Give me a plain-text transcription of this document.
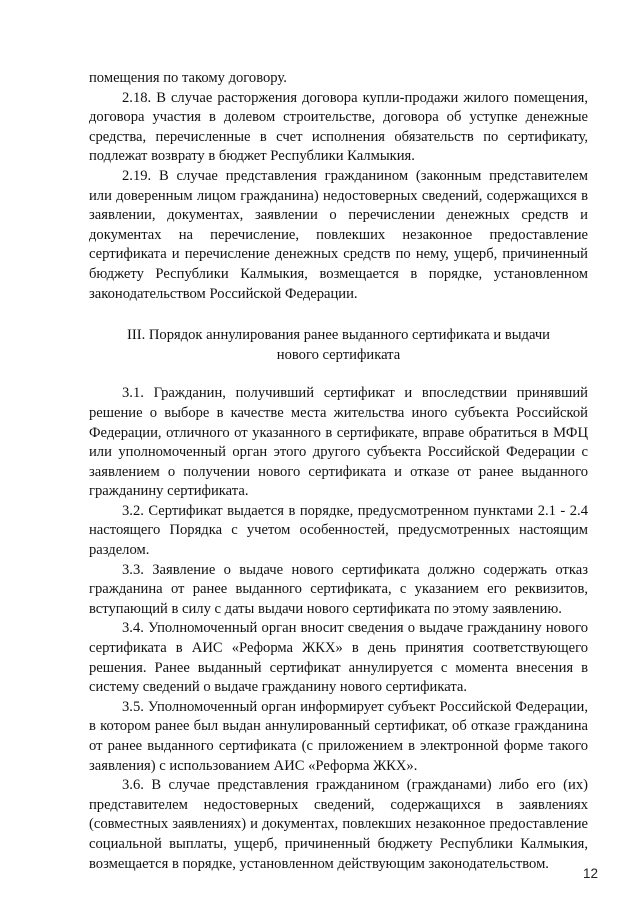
помещения по такому договору.

2.18. В случае расторжения договора купли-продажи жилого помещения, договора участия в долевом строительстве, договора об уступке денежные средства, перечисленные в счет исполнения обязательств по сертификату, подлежат возврату в бюджет Республики Калмыкия.

2.19. В случае представления гражданином (законным представителем или доверенным лицом гражданина) недостоверных сведений, содержащихся в заявлении, документах, заявлении о перечислении денежных средств и документах на перечисление, повлекших незаконное предоставление сертификата и перечисление денежных средств по нему, ущерб, причиненный бюджету Республики Калмыкия, возмещается в порядке, установленном законодательством Российской Федерации.

III. Порядок аннулирования ранее выданного сертификата и выдачи нового сертификата

3.1. Гражданин, получивший сертификат и впоследствии принявший решение о выборе в качестве места жительства иного субъекта Российской Федерации, отличного от указанного в сертификате, вправе обратиться в МФЦ или уполномоченный орган этого другого субъекта Российской Федерации с заявлением о получении нового сертификата и отказе от ранее выданного гражданину сертификата.

3.2. Сертификат выдается в порядке, предусмотренном пунктами 2.1 - 2.4 настоящего Порядка с учетом особенностей, предусмотренных настоящим разделом.

3.3. Заявление о выдаче нового сертификата должно содержать отказ гражданина от ранее выданного сертификата, с указанием его реквизитов, вступающий в силу с даты выдачи нового сертификата по этому заявлению.

3.4. Уполномоченный орган вносит сведения о выдаче гражданину нового сертификата в АИС «Реформа ЖКХ» в день принятия соответствующего решения. Ранее выданный сертификат аннулируется с момента внесения в систему сведений о выдаче гражданину нового сертификата.

3.5. Уполномоченный орган информирует субъект Российской Федерации, в котором ранее был выдан аннулированный сертификат, об отказе гражданина от ранее выданного сертификата (с приложением в электронной форме такого заявления) с использованием АИС «Реформа ЖКХ».

3.6. В случае представления гражданином (гражданами) либо его (их) представителем недостоверных сведений, содержащихся в заявлениях (совместных заявлениях) и документах, повлекших незаконное предоставление социальной выплаты, ущерб, причиненный бюджету Республики Калмыкия, возмещается в порядке, установленном действующим законодательством.

12
